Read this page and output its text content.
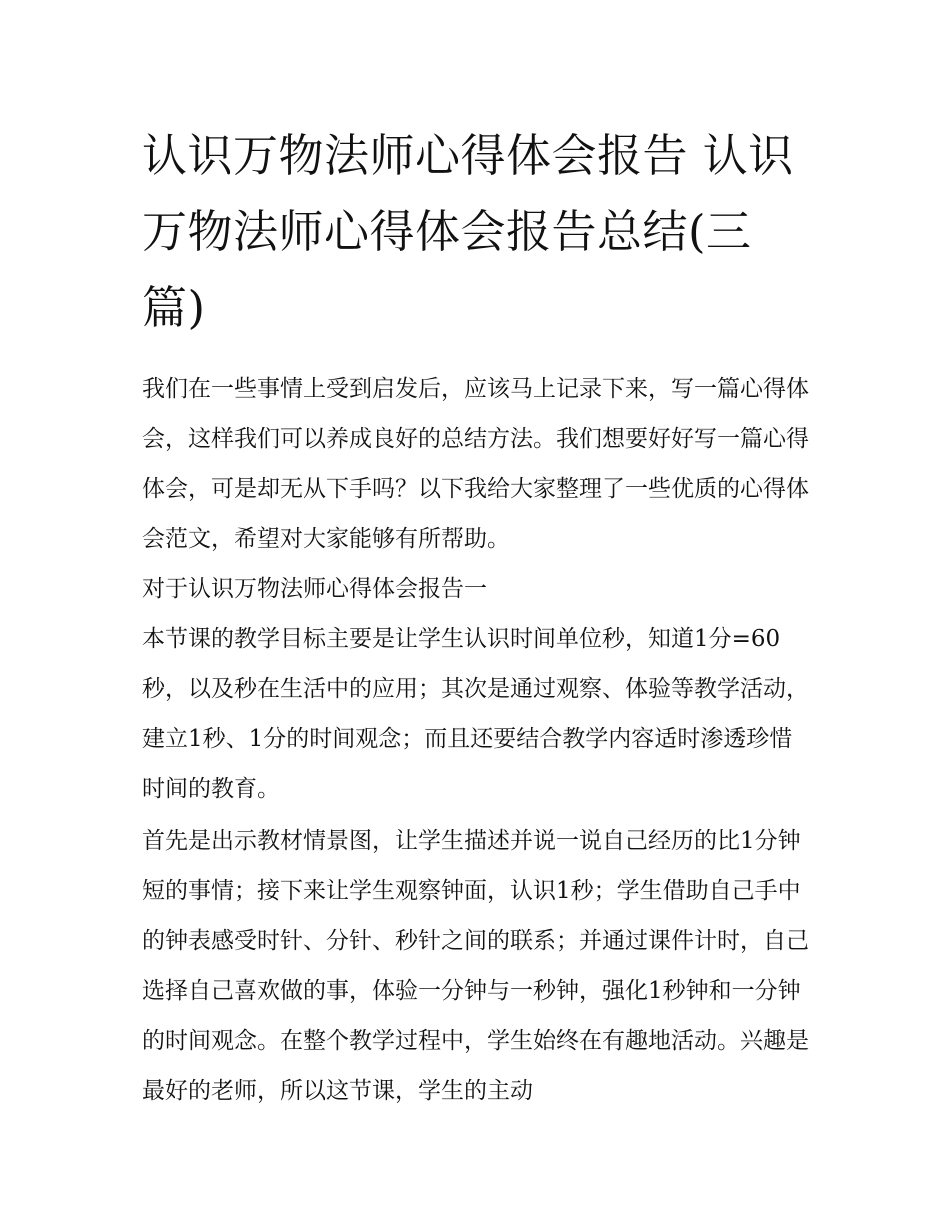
认识万物法师心得体会报告 认识万物法师心得体会报告总结(三篇)

我们在一些事情上受到启发后，应该马上记录下来，写一篇心得体会，这样我们可以养成良好的总结方法。我们想要好好写一篇心得体会，可是却无从下手吗？以下我给大家整理了一些优质的心得体会范文，希望对大家能够有所帮助。

对于认识万物法师心得体会报告一

本节课的教学目标主要是让学生认识时间单位秒，知道1分=60秒，以及秒在生活中的应用；其次是通过观察、体验等教学活动，建立1秒、1分的时间观念；而且还要结合教学内容适时渗透珍惜时间的教育。

首先是出示教材情景图，让学生描述并说一说自己经历的比1分钟短的事情；接下来让学生观察钟面，认识1秒；学生借助自己手中的钟表感受时针、分针、秒针之间的联系；并通过课件计时，自己选择自己喜欢做的事，体验一分钟与一秒钟，强化1秒钟和一分钟的时间观念。在整个教学过程中，学生始终在有趣地活动。兴趣是最好的老师，所以这节课，学生的主动
